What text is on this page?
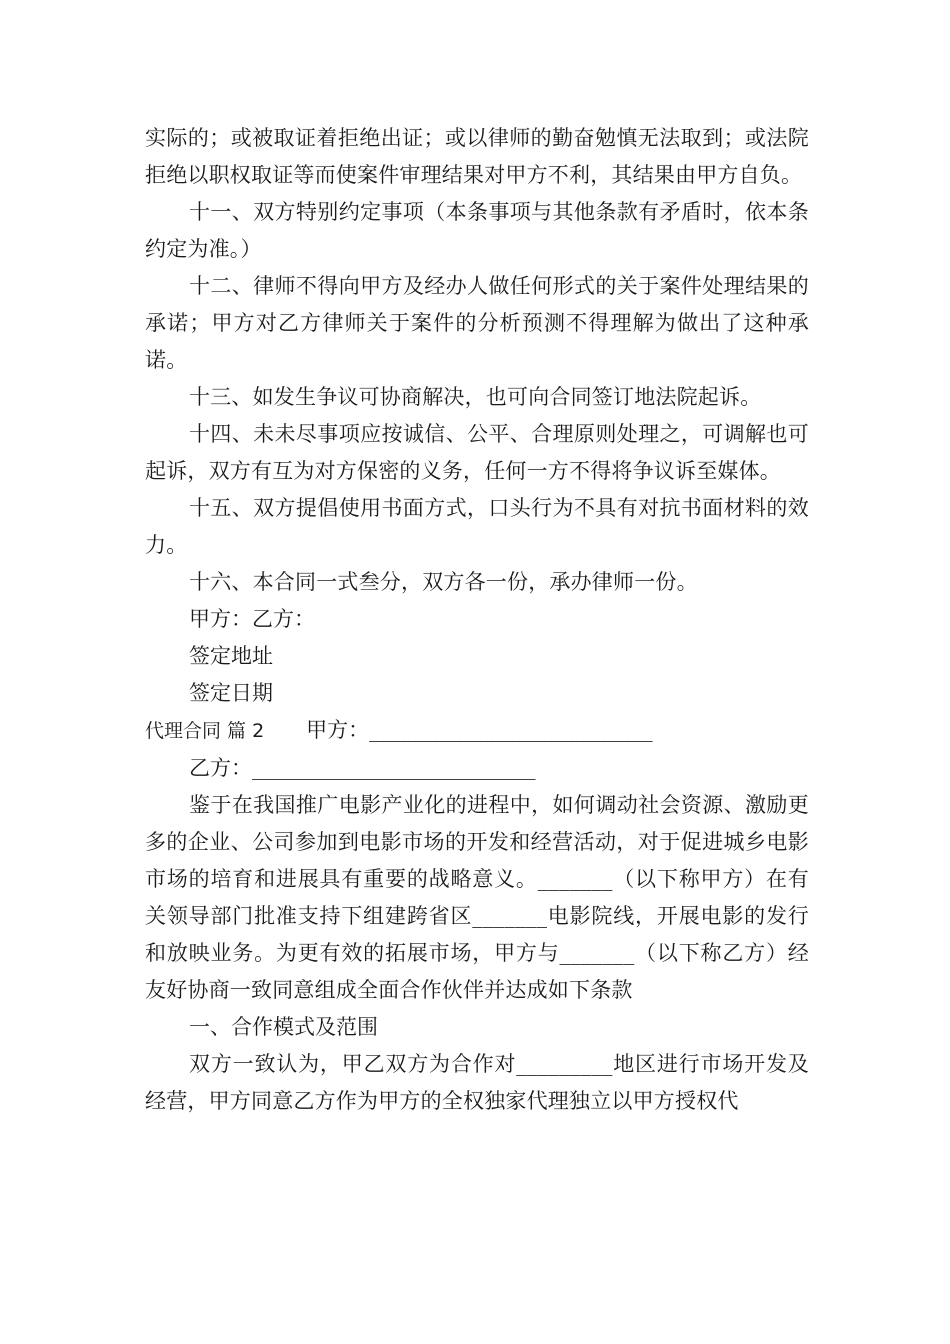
实际的；或被取证着拒绝出证；或以律师的勤奋勉慎无法取到；或法院拒绝以职权取证等而使案件审理结果对甲方不利，其结果由甲方自负。

十一、双方特别约定事项（本条事项与其他条款有矛盾时，依本条约定为准。）

十二、律师不得向甲方及经办人做任何形式的关于案件处理结果的承诺；甲方对乙方律师关于案件的分析预测不得理解为做出了这种承诺。

十三、如发生争议可协商解决，也可向合同签订地法院起诉。

十四、未未尽事项应按诚信、公平、合理原则处理之，可调解也可起诉，双方有互为对方保密的义务，任何一方不得将争议诉至媒体。

十五、双方提倡使用书面方式，口头行为不具有对抗书面材料的效力。

十六、本合同一式叁分，双方各一份，承办律师一份。

甲方：乙方：

签定地址

签定日期

代理合同 篇 2 甲方：___________________________

乙方：___________________________

鉴于在我国推广电影产业化的进程中，如何调动社会资源、激励更多的企业、公司参加到电影市场的开发和经营活动，对于促进城乡电影市场的培育和进展具有重要的战略意义。_______（以下称甲方）在有关领导部门批准支持下组建跨省区_______电影院线，开展电影的发行和放映业务。为更有效的拓展市场，甲方与_______（以下称乙方）经友好协商一致同意组成全面合作伙伴并达成如下条款

一、合作模式及范围

双方一致认为，甲乙双方为合作对_________地区进行市场开发及经营，甲方同意乙方作为甲方的全权独家代理独立以甲方授权代
